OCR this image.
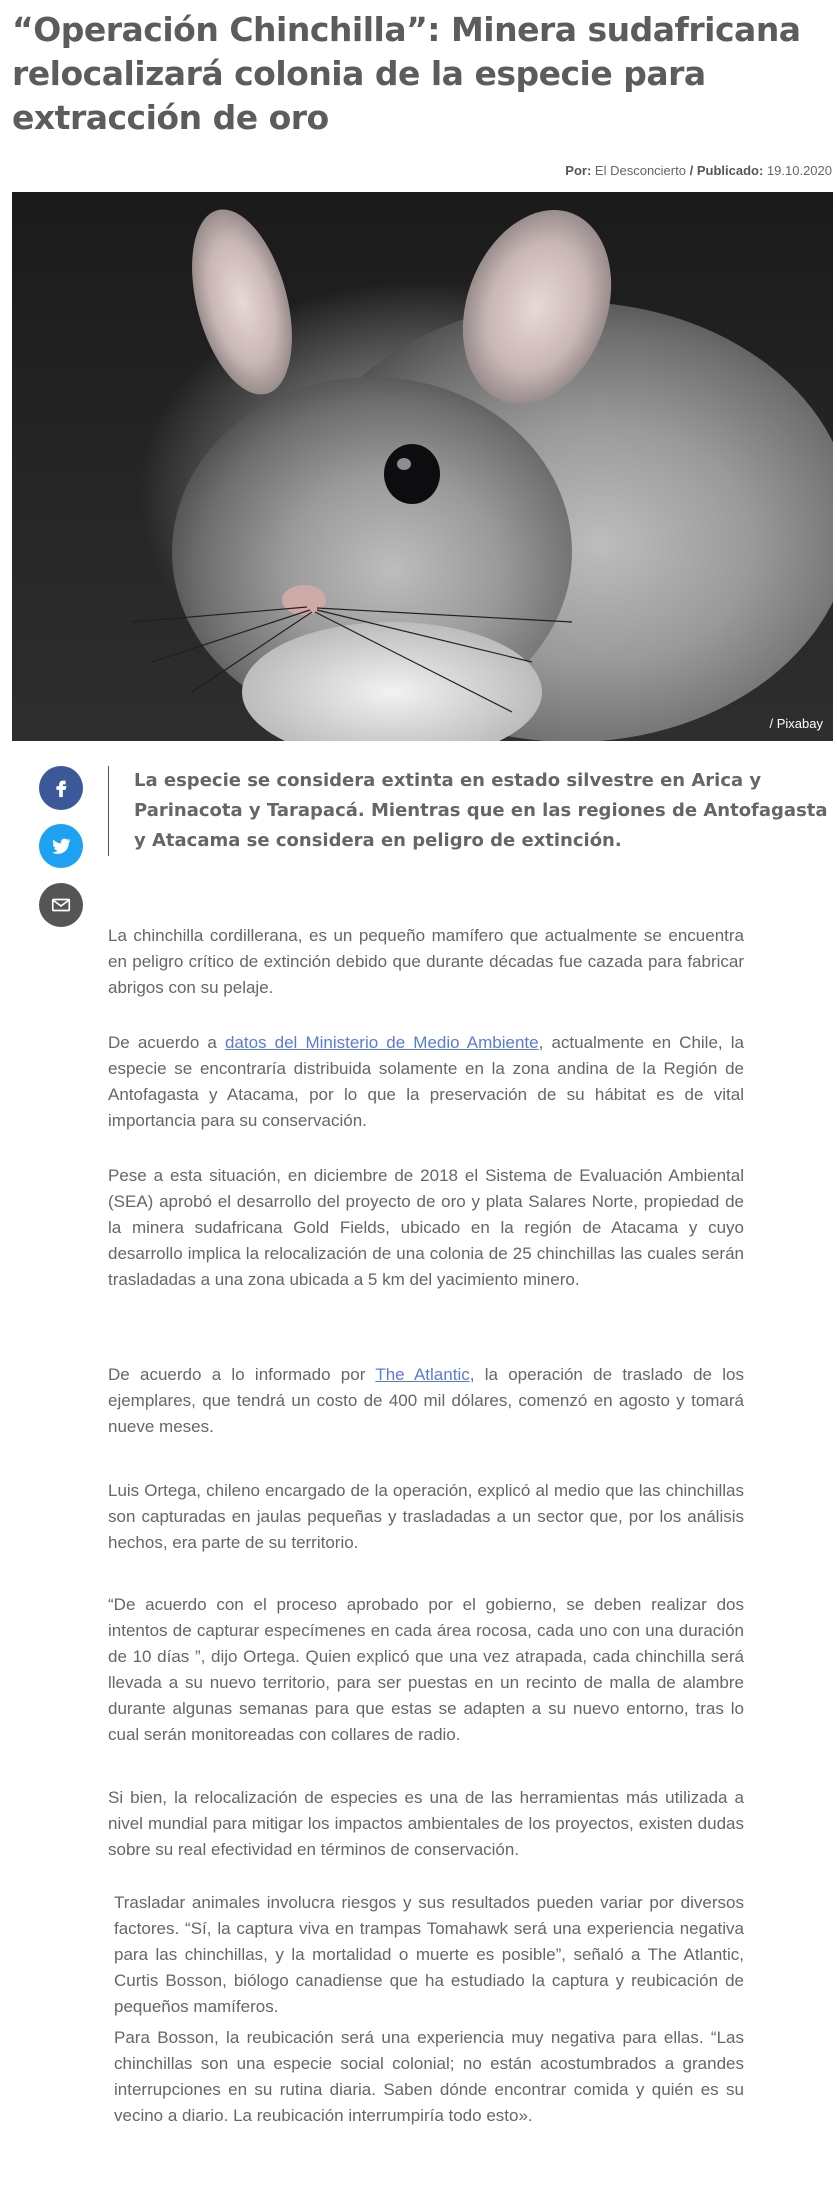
“Operación Chinchilla”: Minera sudafricana relocalizará colonia de la especie para extracción de oro
Por: El Desconcierto / Publicado: 19.10.2020
/ Pixabay
La especie se considera extinta en estado silvestre en Arica y Parinacota y Tarapacá. Mientras que en las regiones de Antofagasta y Atacama se considera en peligro de extinción.

La chinchilla cordillerana, es un pequeño mamífero que actualmente se encuentra en peligro crítico de extinción debido que durante décadas fue cazada para fabricar abrigos con su pelaje.

De acuerdo a datos del Ministerio de Medio Ambiente, actualmente en Chile, la especie se encontraría distribuida solamente en la zona andina de la Región de Antofagasta y Atacama, por lo que la preservación de su hábitat es de vital importancia para su conservación.

Pese a esta situación, en diciembre de 2018 el Sistema de Evaluación Ambiental (SEA) aprobó el desarrollo del proyecto de oro y plata Salares Norte, propiedad de la minera sudafricana Gold Fields, ubicado en la región de Atacama y cuyo desarrollo implica la relocalización de una colonia de 25 chinchillas las cuales serán trasladadas a una zona ubicada a 5 km del yacimiento minero.

De acuerdo a lo informado por The Atlantic, la operación de traslado de los ejemplares, que tendrá un costo de 400 mil dólares, comenzó en agosto y tomará nueve meses.

Luis Ortega, chileno encargado de la operación, explicó al medio que las chinchillas son capturadas en jaulas pequeñas y trasladadas a un sector que, por los análisis hechos, era parte de su territorio.

“De acuerdo con el proceso aprobado por el gobierno, se deben realizar dos intentos de capturar especímenes en cada área rocosa, cada uno con una duración de 10 días ”, dijo Ortega. Quien explicó que una vez atrapada, cada chinchilla será llevada a su nuevo territorio, para ser puestas en un recinto de malla de alambre durante algunas semanas para que estas se adapten a su nuevo entorno, tras lo cual serán monitoreadas con collares de radio.

Si bien, la relocalización de especies es una de las herramientas más utilizada a nivel mundial para mitigar los impactos ambientales de los proyectos, existen dudas sobre su real efectividad en términos de conservación.

Trasladar animales involucra riesgos y sus resultados pueden variar por diversos factores. “Sí, la captura viva en trampas Tomahawk será una experiencia negativa para las chinchillas, y la mortalidad o muerte es posible”, señaló a The Atlantic, Curtis Bosson, biólogo canadiense que ha estudiado la captura y reubicación de pequeños mamíferos.

Para Bosson, la reubicación será una experiencia muy negativa para ellas. “Las chinchillas son una especie social colonial; no están acostumbrados a grandes interrupciones en su rutina diaria. Saben dónde encontrar comida y quién es su vecino a diario. La reubicación interrumpiría todo esto».
